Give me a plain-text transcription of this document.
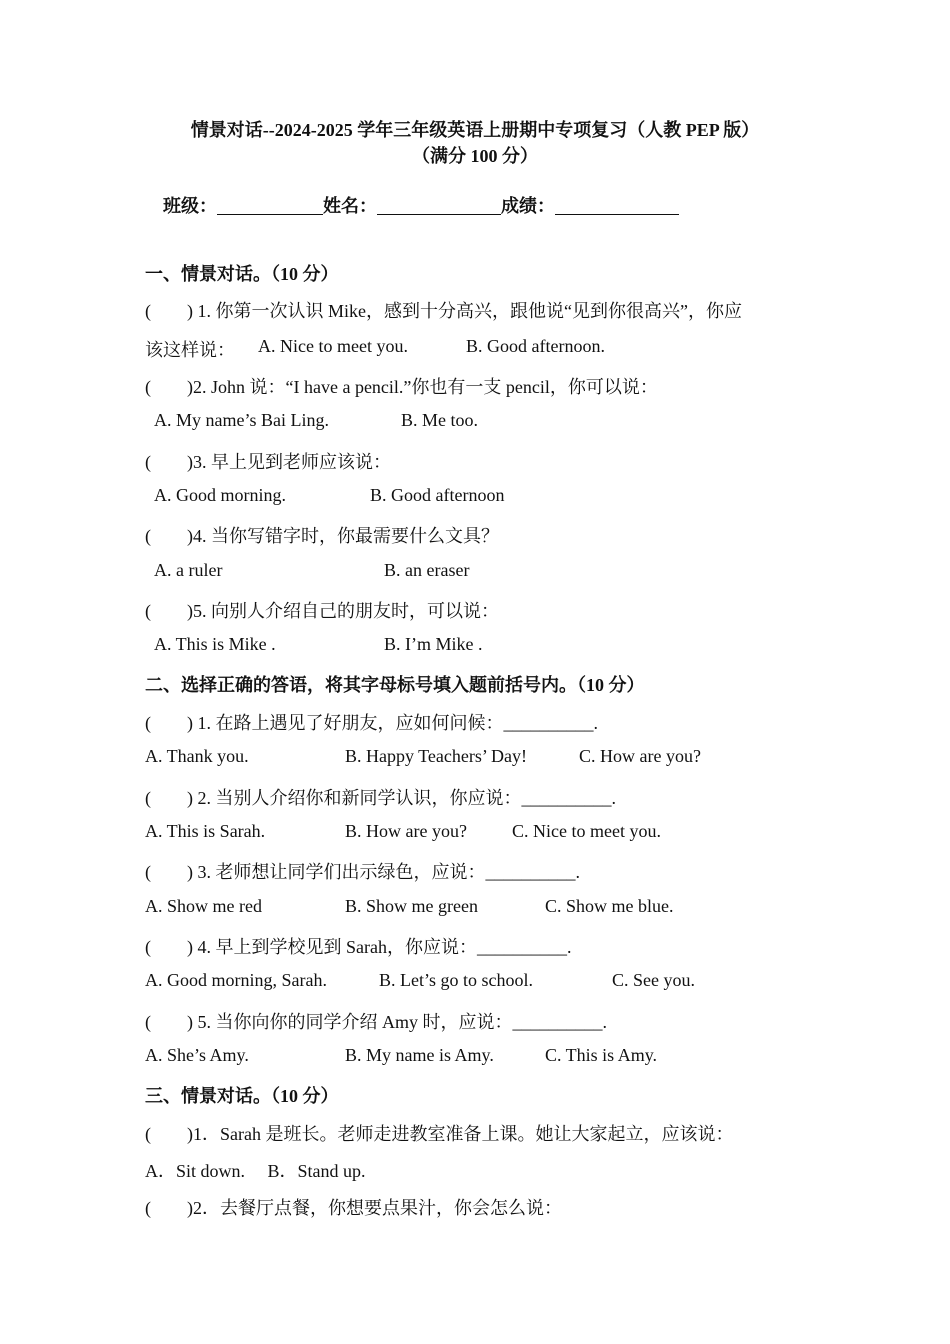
情景对话--2024-2025 学年三年级英语上册期中专项复习（人教 PEP 版）
（满分 100 分）
班级：	姓名：	成绩：
一、情景对话。（10 分）
(　　) 1. 你第一次认识 Mike，感到十分高兴，跟他说“见到你很高兴”，你应
该这样说： A. Nice to meet you.	B. Good afternoon.
(　　)2. John 说：“I have a pencil.”你也有一支 pencil，你可以说：
A. My name’s Bai Ling.	B. Me too.
(　　)3. 早上见到老师应该说：
A. Good morning.	B. Good afternoon
(　　)4. 当你写错字时，你最需要什么文具？
A. a ruler	B. an eraser
(　　)5. 向别人介绍自己的朋友时，可以说：
A. This is Mike .	B. I’m Mike .
二、选择正确的答语，将其字母标号填入题前括号内。（10 分）
(　　) 1. 在路上遇见了好朋友，应如何问候：__________.
A. Thank you.	B. Happy Teachers’ Day!	C. How are you?
(　　) 2. 当别人介绍你和新同学认识，你应说：__________.
A. This is Sarah.	B. How are you?	C. Nice to meet you.
(　　) 3. 老师想让同学们出示绿色，应说：__________.
A. Show me red	B. Show me green	C. Show me blue.
(　　) 4. 早上到学校见到 Sarah，你应说：__________.
A. Good morning, Sarah.	B. Let’s go to school.	C. See you.
(　　) 5. 当你向你的同学介绍 Amy 时，应说：__________.
A. She’s Amy.	B. My name is Amy.	C. This is Amy.
三、情景对话。（10 分）
(　　)1．Sarah 是班长。老师走进教室准备上课。她让大家起立，应该说：
A．Sit down.     B．Stand up.
(　　)2．去餐厅点餐，你想要点果汁，你会怎么说：
